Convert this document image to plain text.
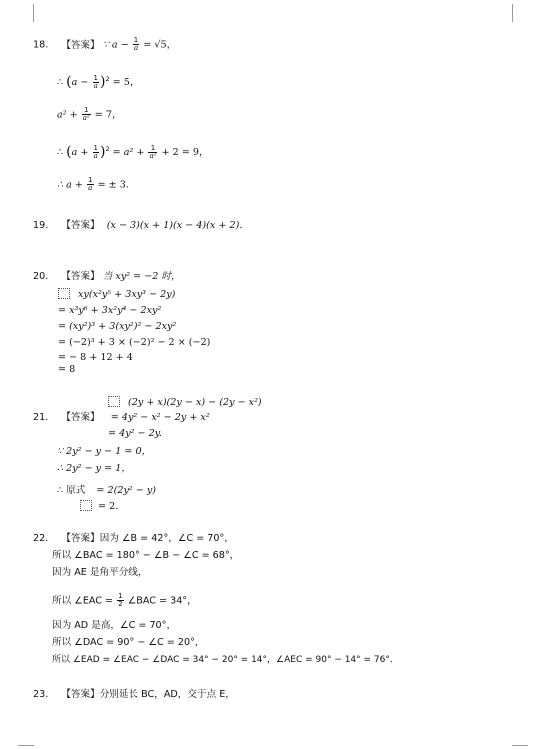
18. 【答案】 ∵ $a - \frac{1}{a} = √5$，
∴ $(a - \frac{1}{a} )^2 = 5$，
$a^2 + \frac{1}{\text{a²}} = 7$，
∴ $(a + \frac{1}{a} )^2 = a^2 + \frac{1}{\text{a²}} + 2 = 9$，
∴ $a + \frac{1}{a}$ = ± 3．
19. 【答案】 (x − 3)(x + 1)(x − 4)(x + 2)．
20. 【答案】 当 xy² = −2 时，
xy(x²y⁵ + 3xy³ − 2y)
= x³y⁶ + 3x²y⁴ − 2xy²
= (xy²)³ + 3(xy²)² − 2xy²
= (−2)³ + 3 × (−2)² − 2 × (−2)
= − 8 + 12 + 4
= 8
(2y + x)(2y − x) − (2y − x²)
21. 【答案】 = 4y² − x² − 2y + x²
= 4y² − 2y.
∵ 2y² − y − 1 = 0，
∴ 2y² − y = 1，
∴ 原式 = 2(2y² − y)
= 2.
22. 【答案】因为 ∠B = 42°，∠C = 70°，
所以 ∠BAC = 180° − ∠B − ∠C = 68°，
因为 AE 是角平分线，
所以 ∠EAC = $\frac{1}{2}$ ∠BAC = 34°，
因为 AD 是高，∠C = 70°，
所以 ∠DAC = 90° − ∠C = 20°，
所以 ∠EAD = ∠EAC − ∠DAC = 34° − 20° = 14°，∠AEC = 90° − 14° = 76°．
23. 【答案】分别延长 BC，AD，交于点 E，
